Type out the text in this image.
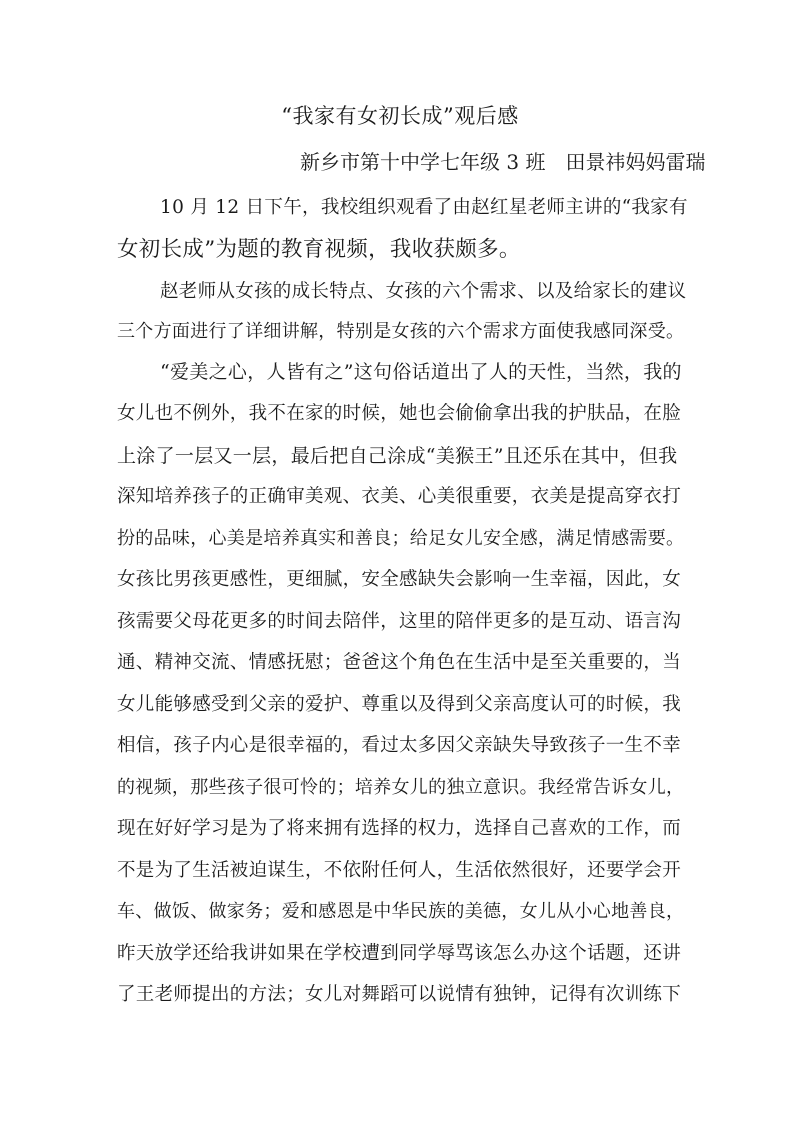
“我家有女初长成”观后感
新乡市第十中学七年级 3 班　田景祎妈妈雷瑞
10 月 12 日下午，我校组织观看了由赵红星老师主讲的“我家有
女初长成”为题的教育视频，我收获颇多。
赵老师从女孩的成长特点、女孩的六个需求、以及给家长的建议
三个方面进行了详细讲解，特别是女孩的六个需求方面使我感同深受。
“爱美之心，人皆有之”这句俗话道出了人的天性，当然，我的
女儿也不例外，我不在家的时候，她也会偷偷拿出我的护肤品，在脸
上涂了一层又一层，最后把自己涂成“美猴王”且还乐在其中，但我
深知培养孩子的正确审美观、衣美、心美很重要，衣美是提高穿衣打
扮的品味，心美是培养真实和善良；给足女儿安全感，满足情感需要。
女孩比男孩更感性，更细腻，安全感缺失会影响一生幸福，因此，女
孩需要父母花更多的时间去陪伴，这里的陪伴更多的是互动、语言沟
通、精神交流、情感抚慰；爸爸这个角色在生活中是至关重要的，当
女儿能够感受到父亲的爱护、尊重以及得到父亲高度认可的时候，我
相信，孩子内心是很幸福的，看过太多因父亲缺失导致孩子一生不幸
的视频，那些孩子很可怜的；培养女儿的独立意识。我经常告诉女儿，
现在好好学习是为了将来拥有选择的权力，选择自己喜欢的工作，而
不是为了生活被迫谋生，不依附任何人，生活依然很好，还要学会开
车、做饭、做家务；爱和感恩是中华民族的美德，女儿从小心地善良，
昨天放学还给我讲如果在学校遭到同学辱骂该怎么办这个话题，还讲
了王老师提出的方法；女儿对舞蹈可以说情有独钟，记得有次训练下
